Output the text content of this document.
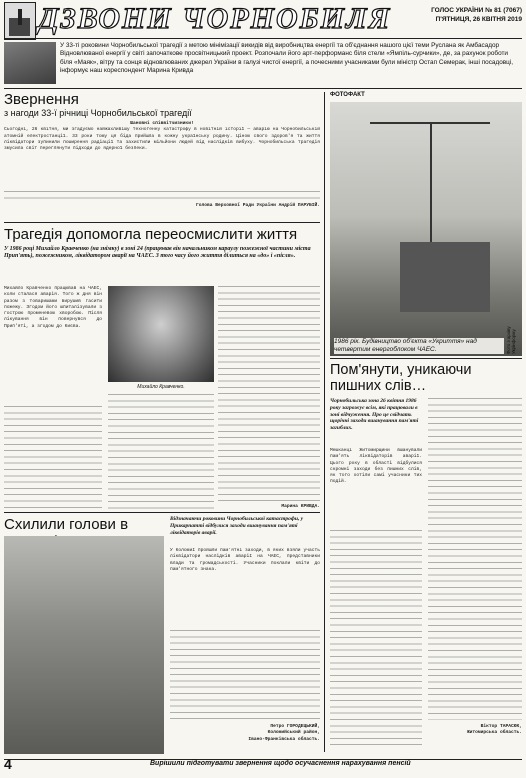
ДЗВОНИ ЧОРНОБИЛЯ	ГОЛОС УКРАЇНИ № 81 (7067)
П'ЯТНИЦЯ, 26 КВІТНЯ 2019
У 33-ті роковини Чорнобильської трагедії з метою мінімізації викидів від виробництва енергії та об'єднання нашого цієї теми Руслана як Амбасадор Відновлюваної енергії у світі започаткове просвітницький проект. Розпочали його арт-перформанс біля стели «Ямпіль-сурчики», де, за рахунок роботи біля «Маяк», вітру та сонця відновлюваних джерел України в галузі чистої енергії, а почесними учасниками були міністр Остап Семерак, інші посадовці, інформує наш кореспондент Марина Кривда
Звернення
з нагоди 33-ї річниці Чорнобильської трагедії
Шановні співвітчизники!
Сьогодні, 26 квітня, ми згадуємо найжахливішу техногенну катастрофу в новітній історії — аварію на Чорнобильській атомній електростанції. 33 роки тому ця біда прийшла в кожну українську родину. Ціною свого здоров'я та життя ліквідатори зупинили поширення радіації та захистили мільйони людей від наслідків вибуху. Чорнобильська трагедія змусила світ переглянути підходи до ядерної безпеки.
Голова Верховної Ради України Андрій ПАРУБІЙ.
Трагедія допомогла переосмислити життя
У 1986 році Михайло Кравченко (на знімку) в зоні 24 (працював він начальником караулу пожежної частини міста Прип'ять), пожежником, ліквідатором аварії на ЧАЕС. З того часу його життя ділиться на «до» і «після».
Михайло Кравченко працював на ЧАЕС, коли сталася аварія. Того ж дня він разом з товаришами вирушив гасити пожежу. Згодом його шпиталізували з гострою променевою хворобою. Після лікування він повернувся до Прип'яті, а згодом до Києва.
Михайло Кравченко.
Марина КРИВДА.
Схилили голови в	Відзначаючи роковини Чорнобильської катастрофи, у Прикарпатті відбулися заходи вшанування пам'яті ліквідаторів аварії.
У Коломиї пройшли пам'ятні заходи, в яких взяли участь ліквідатори наслідків аварії на ЧАЕС, представники влади та громадськості. Учасники поклали квіти до пам'ятного знака.
Петро ГОРОДЕЦЬКИЙ,
Коломийський район,
Івано-Франківська область.
ФОТОФАКТ
Фото з архіву Укрінформу
1986 рік. Будівництво об'єкта «Укриття» над четвертим енергоблоком ЧАЕС.
Пом'янути, уникаючи пишних слів…
Чорнобильська зона 26 квітня 1986 року загрожує всім, які працювали в зоні відчуження. Про це свідчать щорічні заходи вшанування пам'яті загиблих.
Мешканці Житомирщини вшанували пам'ять ліквідаторів аварії. Цього року в області відбулися скромні заходи без пишних слів, як того хотіли самі учасники тих подій.
Віктор ТАРАСЮК,
Житомирська область.
4	Вирішили підготувати звернення щодо осучаснення нарахування пенсій
